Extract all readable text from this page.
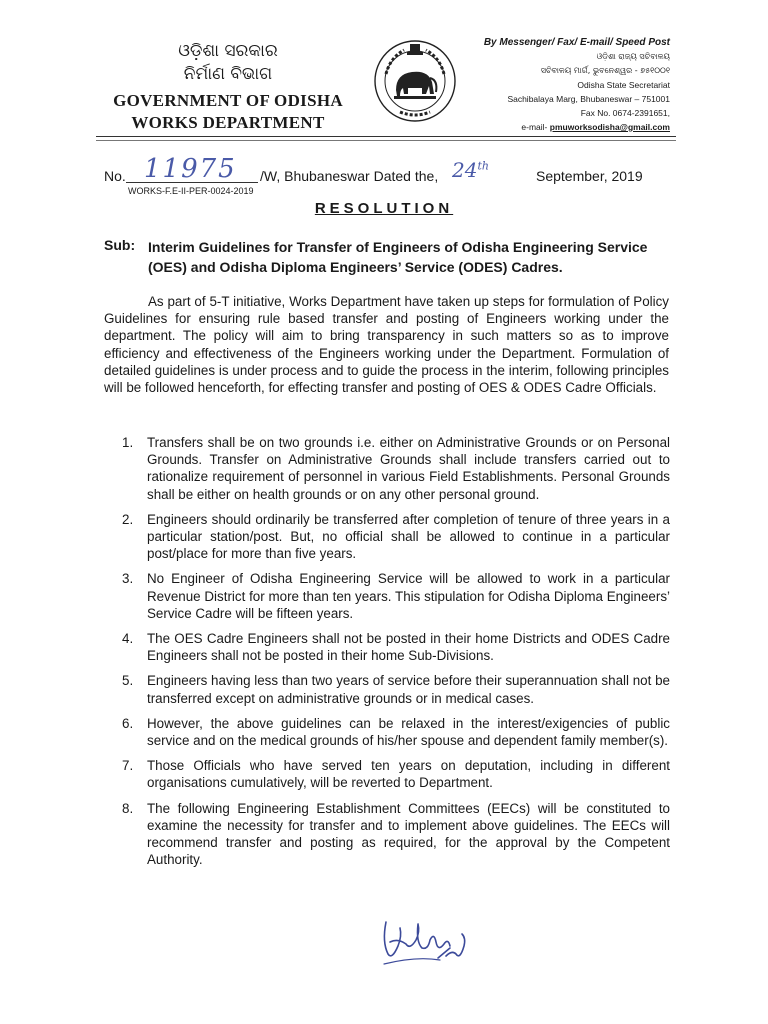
ଓଡ଼ିଶା ସରକାର
ନିର୍ମାଣ ବିଭାଗ
GOVERNMENT OF ODISHA
WORKS DEPARTMENT
By Messenger/ Fax/ E-mail/ Speed Post
ଓଡ଼ିଶା ରାଜ୍ୟ ସଚିବାଳୟ
ସଚିବାଳୟ ମାର୍ଗ, ଭୁବନେଶ୍ୱର - ୭୫୧୦୦୧
Odisha State Secretariat
Sachibalaya Marg, Bhubaneswar – 751001
Fax No. 0674-2391651,
e-mail- pmuworksodisha@gmail.com
No. 11975 /W, Bhubaneswar Dated the, 24th
September, 2019
WORKS-F.E-II-PER-0024-2019
RESOLUTION
Sub: Interim Guidelines for Transfer of Engineers of Odisha Engineering Service (OES) and Odisha Diploma Engineers’ Service (ODES) Cadres.
As part of 5-T initiative, Works Department have taken up steps for formulation of Policy Guidelines for ensuring rule based transfer and posting of Engineers working under the department. The policy will aim to bring transparency in such matters so as to improve efficiency and effectiveness of the Engineers working under the Department. Formulation of detailed guidelines is under process and to guide the process in the interim, following principles will be followed henceforth, for effecting transfer and posting of OES & ODES Cadre Officials.
1. Transfers shall be on two grounds i.e. either on Administrative Grounds or on Personal Grounds. Transfer on Administrative Grounds shall include transfers carried out to rationalize requirement of personnel in various Field Establishments. Personal Grounds shall be either on health grounds or on any other personal ground.
2. Engineers should ordinarily be transferred after completion of tenure of three years in a particular station/post. But, no official shall be allowed to continue in a particular post/place for more than five years.
3. No Engineer of Odisha Engineering Service will be allowed to work in a particular Revenue District for more than ten years. This stipulation for Odisha Diploma Engineers’ Service Cadre will be fifteen years.
4. The OES Cadre Engineers shall not be posted in their home Districts and ODES Cadre Engineers shall not be posted in their home Sub-Divisions.
5. Engineers having less than two years of service before their superannuation shall not be transferred except on administrative grounds or in medical cases.
6. However, the above guidelines can be relaxed in the interest/exigencies of public service and on the medical grounds of his/her spouse and dependent family member(s).
7. Those Officials who have served ten years on deputation, including in different organisations cumulatively, will be reverted to Department.
8. The following Engineering Establishment Committees (EECs) will be constituted to examine the necessity for transfer and to implement above guidelines. The EECs will recommend transfer and posting as required, for the approval by the Competent Authority.
